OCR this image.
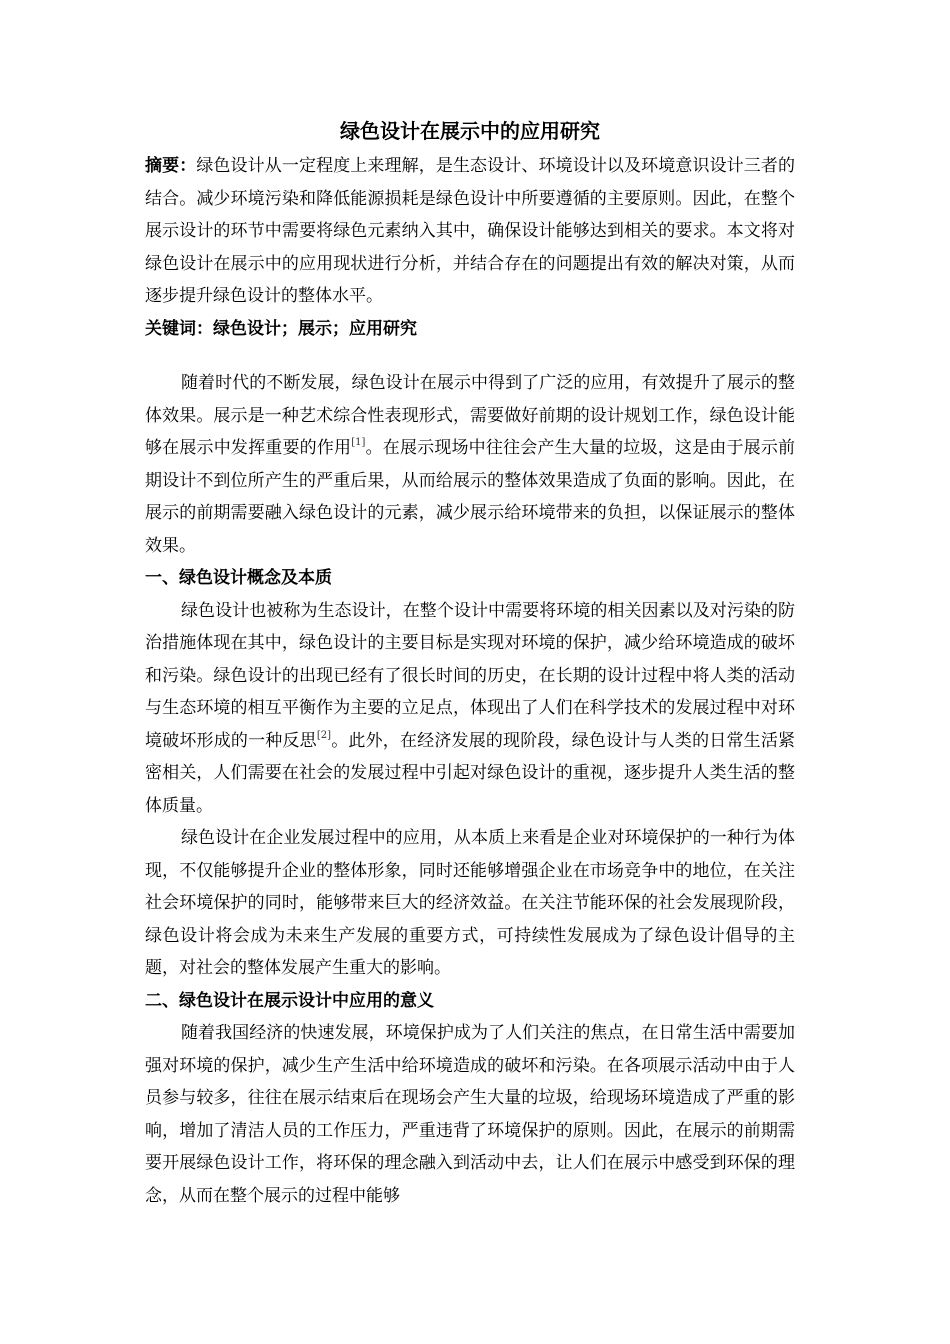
绿色设计在展示中的应用研究

摘要：绿色设计从一定程度上来理解，是生态设计、环境设计以及环境意识设计三者的结合。减少环境污染和降低能源损耗是绿色设计中所要遵循的主要原则。因此，在整个展示设计的环节中需要将绿色元素纳入其中，确保设计能够达到相关的要求。本文将对绿色设计在展示中的应用现状进行分析，并结合存在的问题提出有效的解决对策，从而逐步提升绿色设计的整体水平。

关键词：绿色设计；展示；应用研究

随着时代的不断发展，绿色设计在展示中得到了广泛的应用，有效提升了展示的整体效果。展示是一种艺术综合性表现形式，需要做好前期的设计规划工作，绿色设计能够在展示中发挥重要的作用[1]。在展示现场中往往会产生大量的垃圾，这是由于展示前期设计不到位所产生的严重后果，从而给展示的整体效果造成了负面的影响。因此，在展示的前期需要融入绿色设计的元素，减少展示给环境带来的负担，以保证展示的整体效果。

一、绿色设计概念及本质

绿色设计也被称为生态设计，在整个设计中需要将环境的相关因素以及对污染的防治措施体现在其中，绿色设计的主要目标是实现对环境的保护，减少给环境造成的破坏和污染。绿色设计的出现已经有了很长时间的历史，在长期的设计过程中将人类的活动与生态环境的相互平衡作为主要的立足点，体现出了人们在科学技术的发展过程中对环境破坏形成的一种反思[2]。此外，在经济发展的现阶段，绿色设计与人类的日常生活紧密相关，人们需要在社会的发展过程中引起对绿色设计的重视，逐步提升人类生活的整体质量。

绿色设计在企业发展过程中的应用，从本质上来看是企业对环境保护的一种行为体现，不仅能够提升企业的整体形象，同时还能够增强企业在市场竞争中的地位，在关注社会环境保护的同时，能够带来巨大的经济效益。在关注节能环保的社会发展现阶段，绿色设计将会成为未来生产发展的重要方式，可持续性发展成为了绿色设计倡导的主题，对社会的整体发展产生重大的影响。

二、绿色设计在展示设计中应用的意义

随着我国经济的快速发展，环境保护成为了人们关注的焦点，在日常生活中需要加强对环境的保护，减少生产生活中给环境造成的破坏和污染。在各项展示活动中由于人员参与较多，往往在展示结束后在现场会产生大量的垃圾，给现场环境造成了严重的影响，增加了清洁人员的工作压力，严重违背了环境保护的原则。因此，在展示的前期需要开展绿色设计工作，将环保的理念融入到活动中去，让人们在展示中感受到环保的理念，从而在整个展示的过程中能够
